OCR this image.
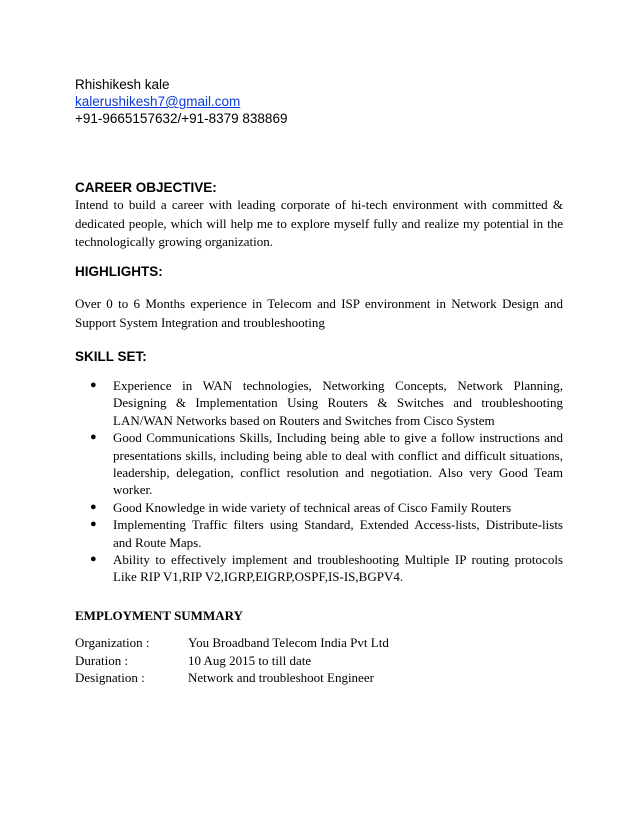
Rhishikesh kale
kalerushikesh7@gmail.com
+91-9665157632/+91-8379 838869
CAREER OBJECTIVE:
Intend to build a career with leading corporate of hi-tech environment with committed & dedicated people, which will help me to explore myself fully and realize my potential in the technologically growing organization.
HIGHLIGHTS:
Over 0 to 6 Months experience in Telecom and ISP environment in Network Design and Support System Integration and troubleshooting
SKILL SET:
● Experience in WAN technologies, Networking Concepts, Network Planning, Designing & Implementation Using Routers & Switches and troubleshooting LAN/WAN Networks based on Routers and Switches from Cisco System
● Good Communications Skills, Including being able to give a follow instructions and presentations skills, including being able to deal with conflict and difficult situations, leadership, delegation, conflict resolution and negotiation. Also very Good Team worker.
● Good Knowledge in wide variety of technical areas of Cisco Family Routers
● Implementing Traffic filters using Standard, Extended Access-lists, Distribute-lists and Route Maps.
● Ability to effectively implement and troubleshooting Multiple IP routing protocols Like RIP V1,RIP V2,IGRP,EIGRP,OSPF,IS-IS,BGPV4.
EMPLOYMENT SUMMARY
Organization :	You Broadband Telecom India Pvt Ltd
Duration :	10 Aug 2015 to till date
Designation :	Network and troubleshoot Engineer
